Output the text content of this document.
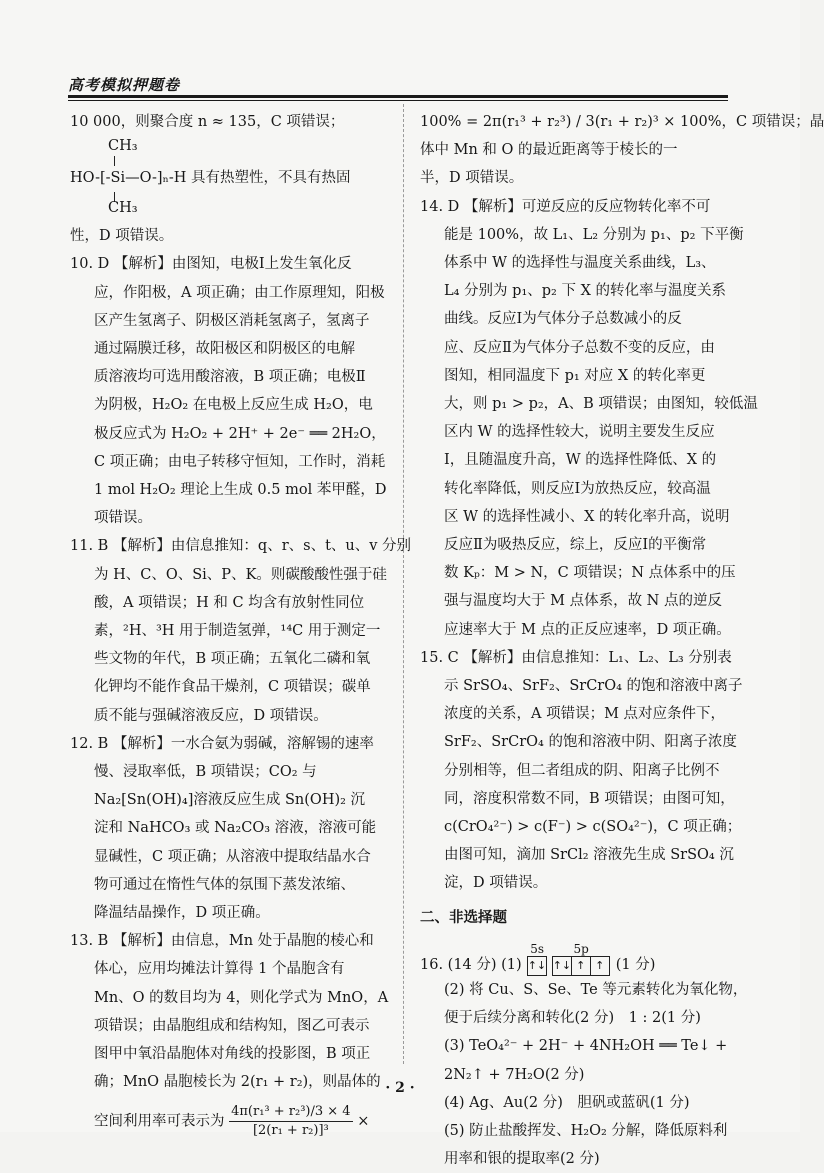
高考模拟押题卷
10 000，则聚合度 n ≈ 135，C 项错误；
CH₃
HO-[-Si—O-]ₙ-H 具有热塑性，不具有热固
CH₃
性，D 项错误。
10. D 【解析】由图知，电极Ⅰ上发生氧化反
应，作阳极，A 项正确；由工作原理知，阳极
区产生氢离子、阴极区消耗氢离子，氢离子
通过隔膜迁移，故阳极区和阴极区的电解
质溶液均可选用酸溶液，B 项正确；电极Ⅱ
为阴极，H₂O₂ 在电极上反应生成 H₂O，电
极反应式为 H₂O₂ + 2H⁺ + 2e⁻ ══ 2H₂O，
C 项正确；由电子转移守恒知，工作时，消耗
1 mol H₂O₂ 理论上生成 0.5 mol 苯甲醛，D
项错误。
11. B 【解析】由信息推知：q、r、s、t、u、v 分别
为 H、C、O、Si、P、K。则碳酸酸性强于硅
酸，A 项错误；H 和 C 均含有放射性同位
素，²H、³H 用于制造氢弹，¹⁴C 用于测定一
些文物的年代，B 项正确；五氧化二磷和氧
化钾均不能作食品干燥剂，C 项错误；碳单
质不能与强碱溶液反应，D 项错误。
12. B 【解析】一水合氨为弱碱，溶解锡的速率
慢、浸取率低，B 项错误；CO₂ 与
Na₂[Sn(OH)₄]溶液反应生成 Sn(OH)₂ 沉
淀和 NaHCO₃ 或 Na₂CO₃ 溶液，溶液可能
显碱性，C 项正确；从溶液中提取结晶水合
物可通过在惰性气体的氛围下蒸发浓缩、
降温结晶操作，D 项正确。
13. B 【解析】由信息，Mn 处于晶胞的棱心和
体心，应用均摊法计算得 1 个晶胞含有
Mn、O 的数目均为 4，则化学式为 MnO，A
项错误；由晶胞组成和结构知，图乙可表示
图甲中氧沿晶胞体对角线的投影图，B 项正
确；MnO 晶胞棱长为 2(r₁ + r₂)，则晶体的
空间利用率可表示为 $\frac{\text{4π(r₁³ + r₂³)/3 × 4}}{\text{[2(r₁ + r₂)]³}}$ ×
100% = 2π(r₁³ + r₂³) / 3(r₁ + r₂)³ × 100%，C 项错误；晶
体中 Mn 和 O 的最近距离等于棱长的一
半，D 项错误。
14. D 【解析】可逆反应的反应物转化率不可
能是 100%，故 L₁、L₂ 分别为 p₁、p₂ 下平衡
体系中 W 的选择性与温度关系曲线，L₃、
L₄ 分别为 p₁、p₂ 下 X 的转化率与温度关系
曲线。反应Ⅰ为气体分子总数减小的反
应、反应Ⅱ为气体分子总数不变的反应，由
图知，相同温度下 p₁ 对应 X 的转化率更
大，则 p₁ > p₂，A、B 项错误；由图知，较低温
区内 W 的选择性较大，说明主要发生反应
Ⅰ，且随温度升高，W 的选择性降低、X 的
转化率降低，则反应Ⅰ为放热反应，较高温
区 W 的选择性减小、X 的转化率升高，说明
反应Ⅱ为吸热反应，综上，反应Ⅰ的平衡常
数 Kₚ：M > N，C 项错误；N 点体系中的压
强与温度均大于 M 点体系，故 N 点的逆反
应速率大于 M 点的正反应速率，D 项正确。
15. C 【解析】由信息推知：L₁、L₂、L₃ 分别表
示 SrSO₄、SrF₂、SrCrO₄ 的饱和溶液中离子
浓度的关系，A 项错误；M 点对应条件下，
SrF₂、SrCrO₄ 的饱和溶液中阴、阳离子浓度
分别相等，但二者组成的阴、阳离子比例不
同，溶度积常数不同，B 项错误；由图可知，
c(CrO₄²⁻) > c(F⁻) > c(SO₄²⁻)，C 项正确；
由图可知，滴加 SrCl₂ 溶液先生成 SrSO₄ 沉
淀，D 项错误。
二、非选择题
16. (14 分) (1)
5s
↑↓
5p
↑↓ ↑ ↑ (1 分)
(2) 将 Cu、S、Se、Te 等元素转化为氧化物，
便于后续分离和转化(2 分)　1 : 2(1 分)
(3) TeO₄²⁻ + 2H⁻ + 4NH₂OH ══ Te↓ +
2N₂↑ + 7H₂O(2 分)
(4) Ag、Au(2 分)　胆矾或蓝矾(1 分)
(5) 防止盐酸挥发、H₂O₂ 分解，降低原料利
用率和银的提取率(2 分)
· 2 ·
